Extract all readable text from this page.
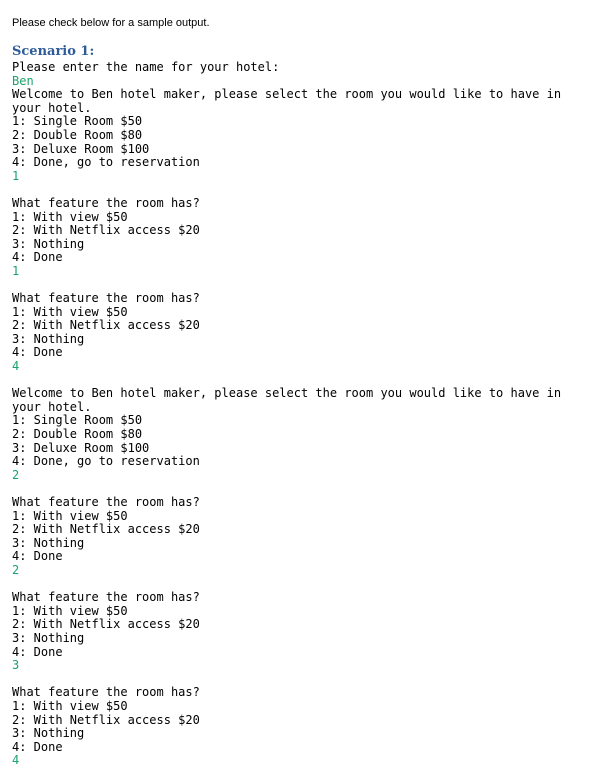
Please check below for a sample output.
Scenario 1:
Please enter the name for your hotel:
Ben
Welcome to Ben hotel maker, please select the room you would like to have in your hotel.
1: Single Room $50
2: Double Room $80
3: Deluxe Room $100
4: Done, go to reservation
1
What feature the room has?
1: With view $50
2: With Netflix access $20
3: Nothing
4: Done
1
What feature the room has?
1: With view $50
2: With Netflix access $20
3: Nothing
4: Done
4
Welcome to Ben hotel maker, please select the room you would like to have in your hotel.
1: Single Room $50
2: Double Room $80
3: Deluxe Room $100
4: Done, go to reservation
2
What feature the room has?
1: With view $50
2: With Netflix access $20
3: Nothing
4: Done
2
What feature the room has?
1: With view $50
2: With Netflix access $20
3: Nothing
4: Done
3
What feature the room has?
1: With view $50
2: With Netflix access $20
3: Nothing
4: Done
4
